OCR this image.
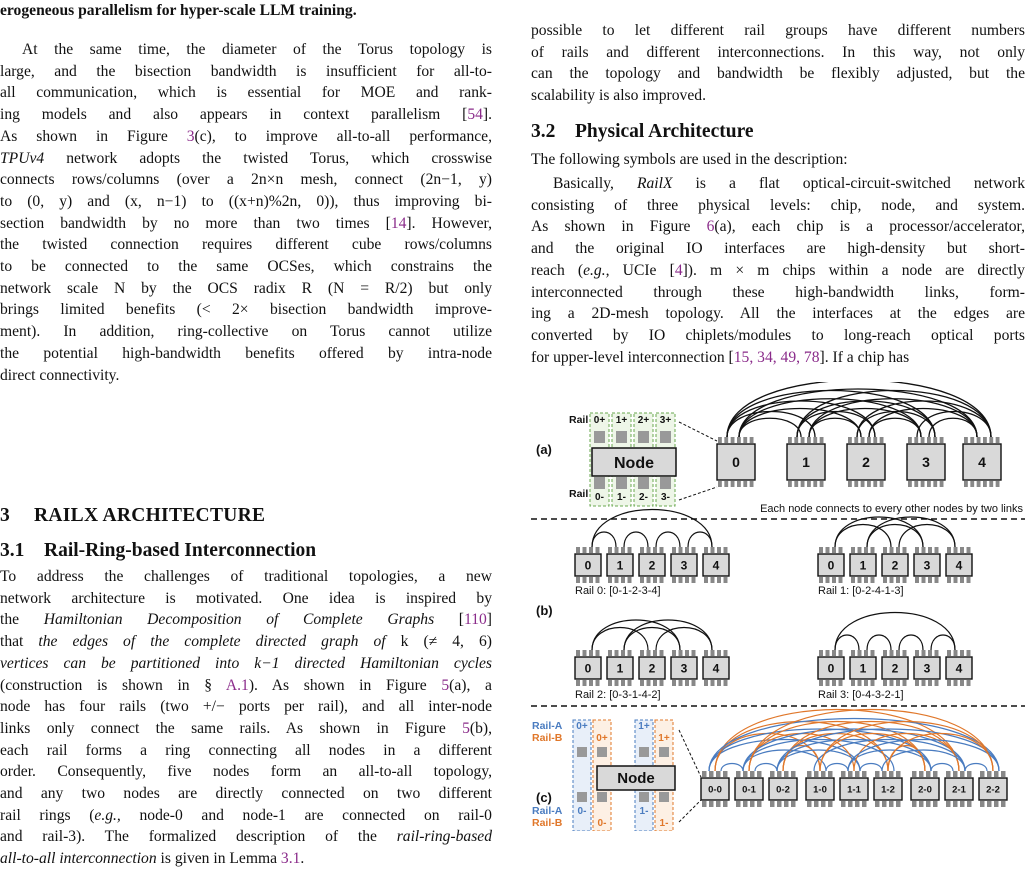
erogeneous parallelism for hyper-scale LLM training.
At the same time, the diameter of the Torus topology is
large, and the bisection bandwidth is insufficient for all-to-
all communication, which is essential for MOE and rank-
ing models and also appears in context parallelism [54].
As shown in Figure 3(c), to improve all-to-all performance,
TPUv4 network adopts the twisted Torus, which crosswise
connects rows/columns (over a 2n×n mesh, connect (2n−1, y)
to (0, y) and (x, n−1) to ((x+n)%2n, 0)), thus improving bi-
section bandwidth by no more than two times [14]. However,
the twisted connection requires different cube rows/columns
to be connected to the same OCSes, which constrains the
network scale N by the OCS radix R (N = R/2) but only
brings limited benefits (< 2× bisection bandwidth improve-
ment). In addition, ring-collective on Torus cannot utilize
the potential high-bandwidth benefits offered by intra-node
direct connectivity.
3 RAILX ARCHITECTURE
3.1 Rail-Ring-based Interconnection
To address the challenges of traditional topologies, a new
network architecture is motivated. One idea is inspired by
the Hamiltonian Decomposition of Complete Graphs [110]
that the edges of the complete directed graph of k (≠ 4, 6)
vertices can be partitioned into k−1 directed Hamiltonian cycles
(construction is shown in § A.1). As shown in Figure 5(a), a
node has four rails (two +/− ports per rail), and all inter-node
links only connect the same rails. As shown in Figure 5(b),
each rail forms a ring connecting all nodes in a different
order. Consequently, five nodes form an all-to-all topology,
and any two nodes are directly connected on two different
rail rings (e.g., node-0 and node-1 are connected on rail-0
and rail-3). The formalized description of the rail-ring-based
all-to-all interconnection is given in Lemma 3.1.
possible to let different rail groups have different numbers
of rails and different interconnections. In this way, not only
can the topology and bandwidth be flexibly adjusted, but the
scalability is also improved.
3.2 Physical Architecture
The following symbols are used in the description:
Basically, RailX is a flat optical-circuit-switched network
consisting of three physical levels: chip, node, and system.
As shown in Figure 6(a), each chip is a processor/accelerator,
and the original IO interfaces are high-density but short-
reach (e.g., UCIe [4]). m × m chips within a node are directly
interconnected through these high-bandwidth links, form-
ing a 2D-mesh topology. All the interfaces at the edges are
converted by IO chiplets/modules to long-reach optical ports
for upper-level interconnection [15, 34, 49, 78]. If a chip has
(a)
Rail
Rail
0+
0-
1+
1-
2+
2-
3+
3-
Node	0	1	2	3	4
Each node connects to every other nodes by two links
(b)
0 1 2 3 4
Rail 0: [0-1-2-3-4]
0 1 2 3 4
Rail 1: [0-2-4-1-3]
0 1 2 3 4
Rail 2: [0-3-1-4-2]
0 1 2 3 4
Rail 3: [0-4-3-2-1]
(c)
Rail-A
Rail-B
Rail-A
Rail-B
0+
0-
0+
0-
1+
1-
1+
1-
Node
0-0 0-1 0-2 1-0 1-1 1-2 2-0 2-1 2-2
